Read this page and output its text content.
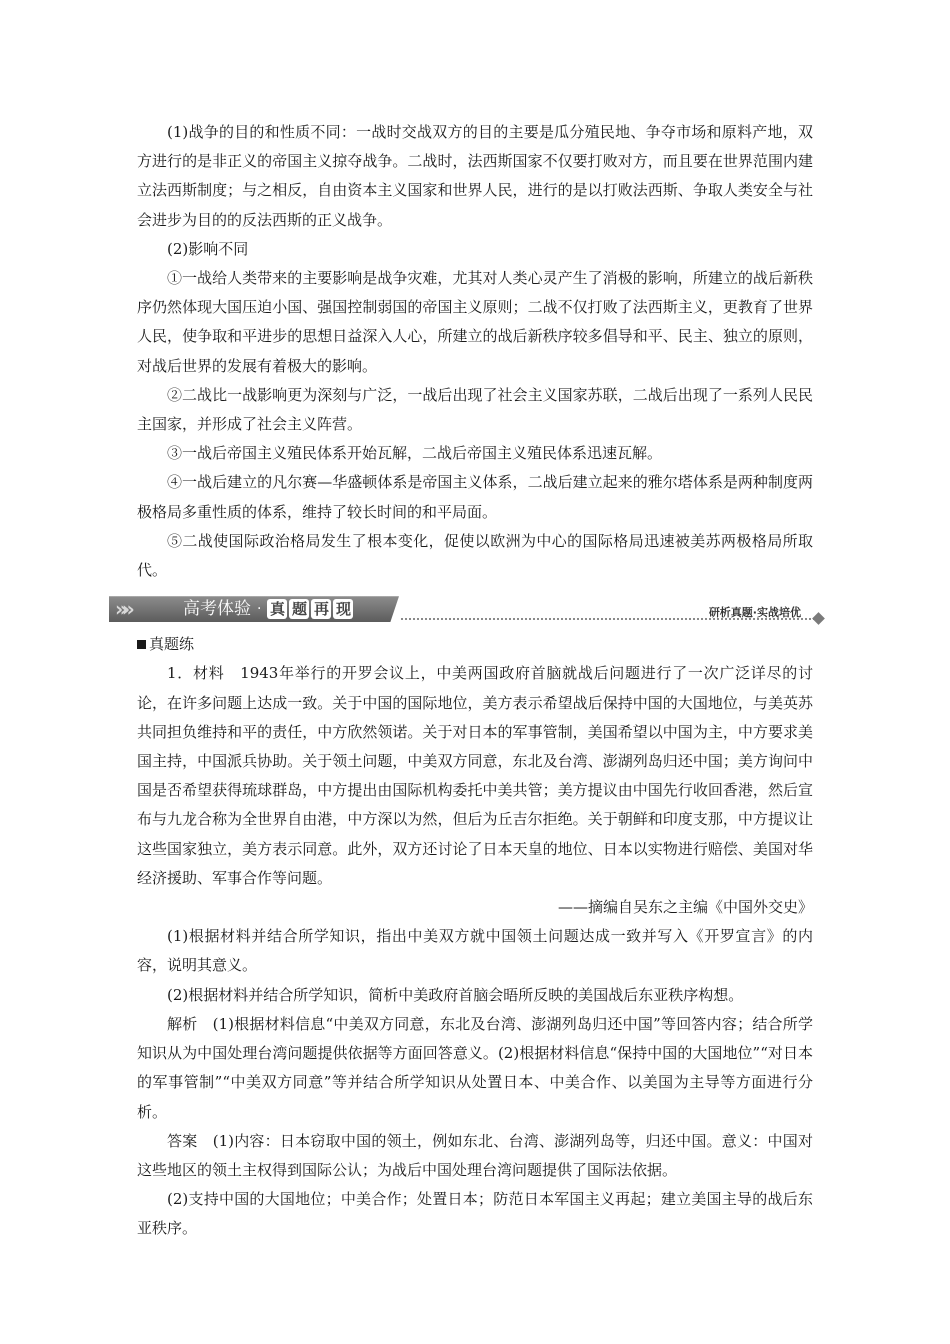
(1)战争的目的和性质不同：一战时交战双方的目的主要是瓜分殖民地、争夺市场和原料产地，双方进行的是非正义的帝国主义掠夺战争。二战时，法西斯国家不仅要打败对方，而且要在世界范围内建立法西斯制度；与之相反，自由资本主义国家和世界人民，进行的是以打败法西斯、争取人类安全与社会进步为目的的反法西斯的正义战争。

(2)影响不同

①一战给人类带来的主要影响是战争灾难，尤其对人类心灵产生了消极的影响，所建立的战后新秩序仍然体现大国压迫小国、强国控制弱国的帝国主义原则；二战不仅打败了法西斯主义，更教育了世界人民，使争取和平进步的思想日益深入人心，所建立的战后新秩序较多倡导和平、民主、独立的原则，对战后世界的发展有着极大的影响。

②二战比一战影响更为深刻与广泛，一战后出现了社会主义国家苏联，二战后出现了一系列人民民主国家，并形成了社会主义阵营。

③一战后帝国主义殖民体系开始瓦解，二战后帝国主义殖民体系迅速瓦解。

④一战后建立的凡尔赛—华盛顿体系是帝国主义体系，二战后建立起来的雅尔塔体系是两种制度两极格局多重性质的体系，维持了较长时间的和平局面。

⑤二战使国际政治格局发生了根本变化，促使以欧洲为中心的国际格局迅速被美苏两极格局所取代。

»»	高考体验 · 真 题 再 现	研析真题·实战培优

真题练

1．材料　1943年举行的开罗会议上，中美两国政府首脑就战后问题进行了一次广泛详尽的讨论，在许多问题上达成一致。关于中国的国际地位，美方表示希望战后保持中国的大国地位，与美英苏共同担负维持和平的责任，中方欣然领诺。关于对日本的军事管制，美国希望以中国为主，中方要求美国主持，中国派兵协助。关于领土问题，中美双方同意，东北及台湾、澎湖列岛归还中国；美方询问中国是否希望获得琉球群岛，中方提出由国际机构委托中美共管；美方提议由中国先行收回香港，然后宣布与九龙合称为全世界自由港，中方深以为然，但后为丘吉尔拒绝。关于朝鲜和印度支那，中方提议让这些国家独立，美方表示同意。此外，双方还讨论了日本天皇的地位、日本以实物进行赔偿、美国对华经济援助、军事合作等问题。

——摘编自吴东之主编《中国外交史》

(1)根据材料并结合所学知识，指出中美双方就中国领土问题达成一致并写入《开罗宣言》的内容，说明其意义。

(2)根据材料并结合所学知识，简析中美政府首脑会晤所反映的美国战后东亚秩序构想。

解析　(1)根据材料信息“中美双方同意，东北及台湾、澎湖列岛归还中国”等回答内容；结合所学知识从为中国处理台湾问题提供依据等方面回答意义。(2)根据材料信息“保持中国的大国地位”“对日本的军事管制”“中美双方同意”等并结合所学知识从处置日本、中美合作、以美国为主导等方面进行分析。

答案　(1)内容：日本窃取中国的领土，例如东北、台湾、澎湖列岛等，归还中国。意义：中国对这些地区的领土主权得到国际公认；为战后中国处理台湾问题提供了国际法依据。

(2)支持中国的大国地位；中美合作；处置日本；防范日本军国主义再起；建立美国主导的战后东亚秩序。
